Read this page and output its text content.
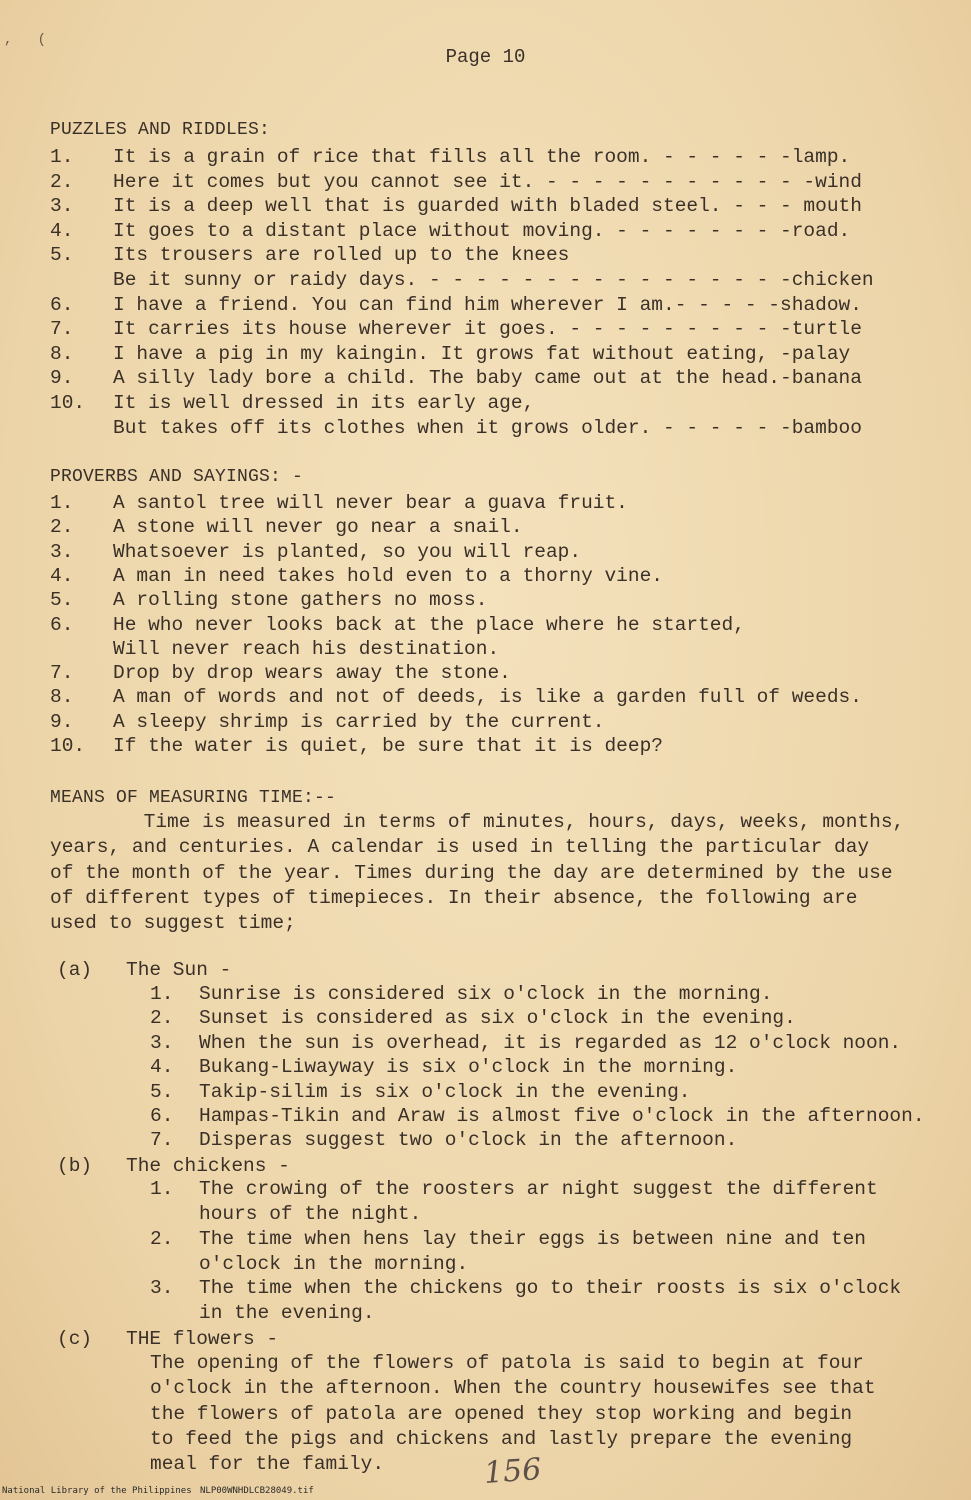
,   (
Page 10
PUZZLES AND RIDDLES:
1. It is a grain of rice that fills all the room. - - - - - -lamp.
2. Here it comes but you cannot see it. - - - - - - - - - - - -wind
3. It is a deep well that is guarded with bladed steel. - - - mouth
4. It goes to a distant place without moving. - - - - - - - -road.
5. Its trousers are rolled up to the knees
Be it sunny or raidy days. - - - - - - - - - - - - - - - -chicken
6. I have a friend. You can find him wherever I am.- - - - -shadow.
7. It carries its house wherever it goes. - - - - - - - - - -turtle
8. I have a pig in my kaingin. It grows fat without eating, -palay
9. A silly lady bore a child. The baby came out at the head.-banana
10. It is well dressed in its early age,
But takes off its clothes when it grows older. - - - - - -bamboo
PROVERBS AND SAYINGS: -
1. A santol tree will never bear a guava fruit.
2. A stone will never go near a snail.
3. Whatsoever is planted, so you will reap.
4. A man in need takes hold even to a thorny vine.
5. A rolling stone gathers no moss.
6. He who never looks back at the place where he started,
Will never reach his destination.
7. Drop by drop wears away the stone.
8. A man of words and not of deeds, is like a garden full of weeds.
9. A sleepy shrimp is carried by the current.
10. If the water is quiet, be sure that it is deep?
MEANS OF MEASURING TIME:--
Time is measured in terms of minutes, hours, days, weeks, months,
years, and centuries. A calendar is used in telling the particular day
of the month of the year. Times during the day are determined by the use
of different types of timepieces. In their absence, the following are
used to suggest time;
(a) The Sun -
1. Sunrise is considered six o'clock in the morning.
2. Sunset is considered as six o'clock in the evening.
3. When the sun is overhead, it is regarded as 12 o'clock noon.
4. Bukang-Liwayway is six o'clock in the morning.
5. Takip-silim is six o'clock in the evening.
6. Hampas-Tikin and Araw is almost five o'clock in the afternoon.
7. Disperas suggest two o'clock in the afternoon.
(b) The chickens -
1. The crowing of the roosters ar night suggest the different
hours of the night.
2. The time when hens lay their eggs is between nine and ten
o'clock in the morning.
3. The time when the chickens go to their roosts is six o'clock
in the evening.
(c) THE flowers -
The opening of the flowers of patola is said to begin at four
o'clock in the afternoon. When the country housewifes see that
the flowers of patola are opened they stop working and begin
to feed the pigs and chickens and lastly prepare the evening
meal for the family.	156
National Library of the Philippines NLP00WNHDLCB28049.tif
